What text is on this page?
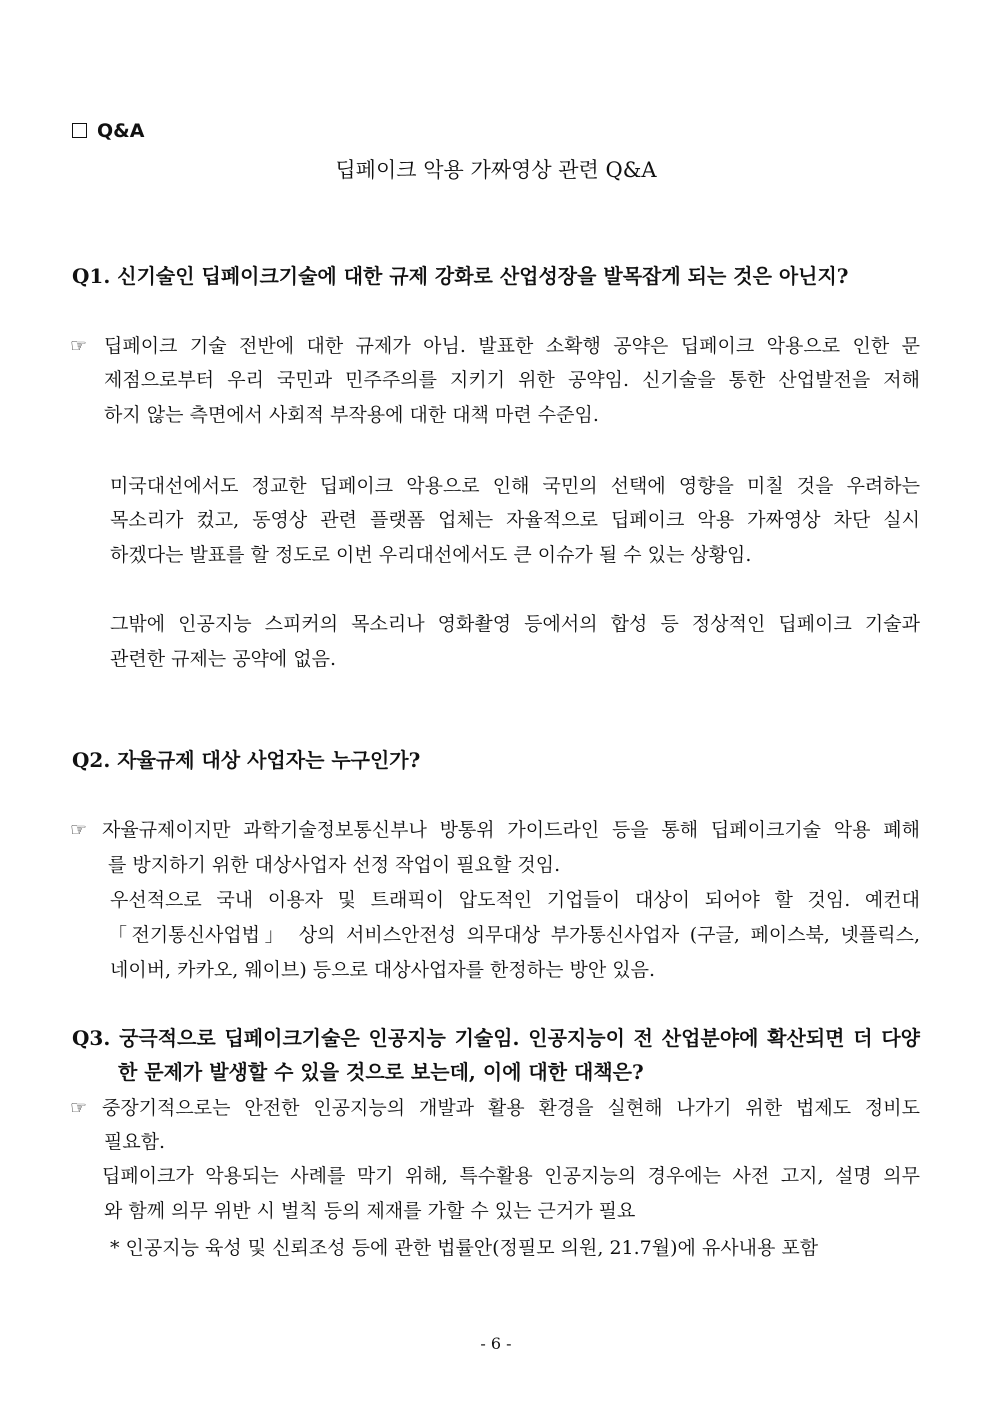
Q&A
딥페이크 악용 가짜영상 관련 Q&A
Q1. 신기술인 딥페이크기술에 대한 규제 강화로 산업성장을 발목잡게 되는 것은 아닌지?
☞ 딥페이크 기술 전반에 대한 규제가 아님. 발표한 소확행 공약은 딥페이크 악용으로 인한 문
제점으로부터 우리 국민과 민주주의를 지키기 위한 공약임. 신기술을 통한 산업발전을 저해
하지 않는 측면에서 사회적 부작용에 대한 대책 마련 수준임.
미국대선에서도 정교한 딥페이크 악용으로 인해 국민의 선택에 영향을 미칠 것을 우려하는
목소리가 컸고, 동영상 관련 플랫폼 업체는 자율적으로 딥페이크 악용 가짜영상 차단 실시
하겠다는 발표를 할 정도로 이번 우리대선에서도 큰 이슈가 될 수 있는 상황임.
그밖에 인공지능 스피커의 목소리나 영화촬영 등에서의 합성 등 정상적인 딥페이크 기술과
관련한 규제는 공약에 없음.
Q2. 자율규제 대상 사업자는 누구인가?
☞ 자율규제이지만 과학기술정보통신부나 방통위 가이드라인 등을 통해 딥페이크기술 악용 폐해
를 방지하기 위한 대상사업자 선정 작업이 필요할 것임.
우선적으로 국내 이용자 및 트래픽이 압도적인 기업들이 대상이 되어야 할 것임. 예컨대
「전기통신사업법」 상의 서비스안전성 의무대상 부가통신사업자 (구글, 페이스북, 넷플릭스,
네이버, 카카오, 웨이브) 등으로 대상사업자를 한정하는 방안 있음.
Q3. 궁극적으로 딥페이크기술은 인공지능 기술임. 인공지능이 전 산업분야에 확산되면 더 다양
한 문제가 발생할 수 있을 것으로 보는데, 이에 대한 대책은?
☞ 중장기적으로는 안전한 인공지능의 개발과 활용 환경을 실현해 나가기 위한 법제도 정비도
필요함.
딥페이크가 악용되는 사례를 막기 위해, 특수활용 인공지능의 경우에는 사전 고지, 설명 의무
와 함께 의무 위반 시 벌칙 등의 제재를 가할 수 있는 근거가 필요
* 인공지능 육성 및 신뢰조성 등에 관한 법률안(정필모 의원, 21.7월)에 유사내용 포함
- 6 -
